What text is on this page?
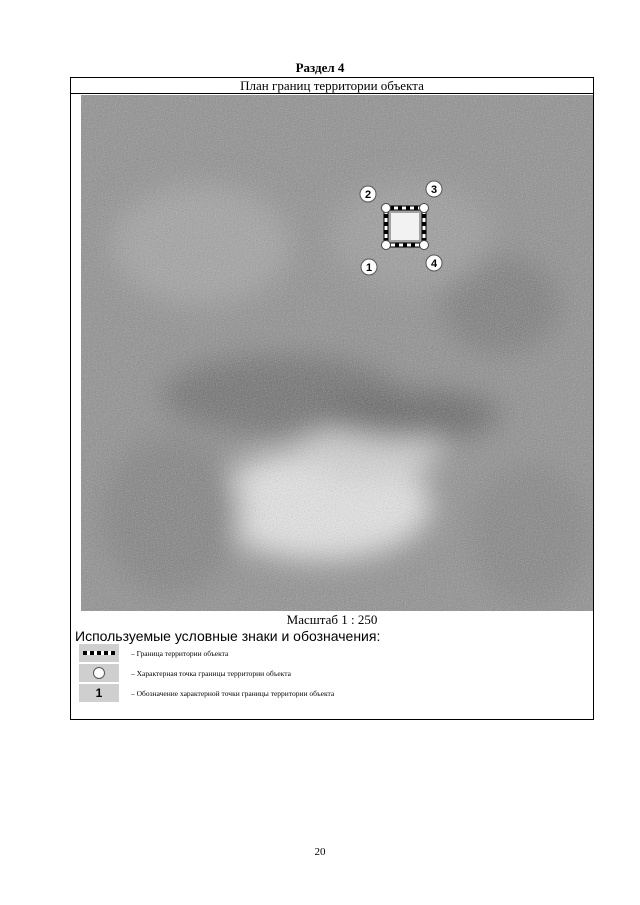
Раздел 4
План границ территории объекта
2	3
1	4
Масштаб 1 : 250
Используемые условные знаки и обозначения:
– Граница территории объекта
– Характерная точка границы территории объекта
1	– Обозначение характерной точки границы территории объекта
20
